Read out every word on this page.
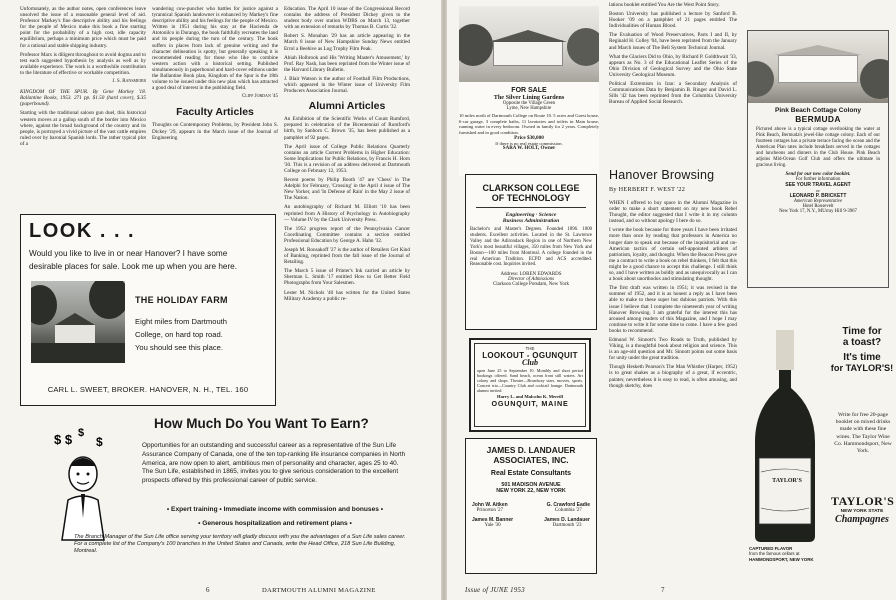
Unfortunately, as the author notes, open conferences leave unsolved the issue of a reasonable general level of aid. Professor Markey's fine descriptive ability and his feelings for the people of Mexico make this book a fine starting point for the probability of a high cost, idle capacity equilibrium, perhaps a minimum price which must be paid for a rational and stable shipping industry.

Professor Marx is diligent throughout to avoid dogma and to test each suggested hypothesis by analysis as well as by available experience. The work is a worthwhile contribution to the literature of effective or workable competition.

J. S. Ransmeier

KINGDOM OF THE SPUR. By Gene Markey '18. Ballantine Books, 1953. 271 pp. $1.50 (hard cover), $.35 (paperbound).

Starting with the traditional saloon gun duel, this historical western moves at a gallop south of the border into Mexico where, against the broad background of the country and its people, is portrayed a vivid picture of the vast cattle empires ruled over by baronial Spanish lords. The rather typical plot of a

wandering cow-puncher who battles for justice against a tyrannical Spanish landowner is enhanced by Markey's fine descriptive ability and his feelings for the people of Mexico. Written in 1951 during his stay at the Hacienda de Atotonilco in Durango, the book faithfully recreates the land and its people during the turn of the century. The book suffers in places from lack of genuine writing and the character delineation is spotty, but generally speaking it is recommended reading for those who like to combine western action with a historical setting. Published simultaneously in paperbound and hard-cover editions under the Ballantine Book plan, Kingdom of the Spur is the 18th volume to be issued under this new plan which has attracted a good deal of interest in the publishing field.

Cliff Jordan '45
Faculty Articles

Thoughts on Contemporary Problems, by President John S. Dickey '29, appears in the March issue of the Journal of Engineering

Education. The April 10 issue of the Congressional Record contains the address of President Dickey given to the student body over station WDBS on March 13, together with an extension of remarks by Thomas B. Curtis '32.

Robert S. Monahan '29 has an article appearing in the March 8 issue of New Hampshire Sunday News entitled Errol a Beehive as Log Trophy Film Peak.

Abiah Holbrook and His 'Writing Master's Amusement,' by Prof. Ray Nash, has been reprinted from the Winter issue of the Harvard Library Bulletin.

J. Blair Watson is the author of Football Film Productions, which appeared in the Winter issue of University Film Producers Association Journal.

Alumni Articles

An Exhibition of the Scientific Works of Count Rumford, prepared in celebration of the Bicentennial of Rumford's birth, by Sanborn C. Brown '35, has been published as a pamphlet of 92 pages.

The April issue of College Public Relations Quarterly contains an article Current Problems in Higher Education: Some Implications for Public Relations, by Francis H. Horn '30. This is a revision of an address delivered at Dartmouth College on February 12, 1953.

Recent poems by Philip Booth '47 are 'Chess' in The Adelphi for February, 'Crossing' in the April 4 issue of The New Yorker, and 'In Defense of Rain' in the May 2 issue of The Nation.

An autobiography of Richard M. Elliott '10 has been reprinted from A History of Psychology in Autobiography — Volume IV by the Clark University Press.

The 1952 progress report of the Pennsylvania Cancer Coordinating Committee contains a section entitled Professional Education by George A. Hahn '32.

Joseph M. Ronsakoff '27 is the author of Retailers Get Kind of Banking, reprinted from the fall issue of the Journal of Retailing.

The March 5 issue of Printer's Ink carried an article by Sherman L. Smith '17 entitled How to Get Better Field Photographs from Your Salesmen.

Lester M. Nichols '40 has written for the United States Military Academy a public re-

LOOK . . .
Would you like to live in or near Hanover? I have some
desirable places for sale. Look me up when you are here.
THE HOLIDAY FARM
Eight miles from Dartmouth
College, on hard top road.
You should see this place.
CARL L. SWEET, BROKER. HANOVER, N. H., TEL. 160
$ $ $
$
How Much Do You Want To Earn?
Opportunities for an outstanding and successful career as a representative of the Sun Life Assurance Company of Canada, one of the ten top-ranking life insurance companies in North America, are now open to alert, ambitious men of personality and character, ages 25 to 40. The Sun Life, established in 1865, invites you to give serious consideration to the excellent prospects offered by this professional career of public service.
• Expert training • Immediate income with commission and bonuses •
• Generous hospitalization and retirement plans •
The Branch Manager of the Sun Life office serving your territory will gladly discuss with you the advantages of a Sun Life sales career. For a complete list of the Company's 100 branches in the United States and Canada, write the Head Office, 218 Sun Life Building, Montreal.
6	DARTMOUTH ALUMNI MAGAZINE
FOR SALE
The Silver Lining Gardens
Opposite the Village Green
Lyme, New Hampshire
10 miles north of Dartmouth College on Route 10. 5 acres and Guest house, 6-car garage, 3 complete baths, 11 lavatories and toilets in Main house, running water in every bedroom. Owned in family for 2 years. Completely furnished and in good condition.
Price $30,000
If there is no real estate commission.
SARA W. HOLT, Owner
CLARKSON COLLEGE
OF TECHNOLOGY
Engineering · Science
Business Administration
Bachelor's and Master's Degrees. Founded 1896. 1000 students. Excellent activities. Located in the St. Lawrence Valley and the Adirondack Region in one of Northern New York's most beautiful villages, 350 miles from New York and Boston—100 miles from Montreal. A college founded in the real American Tradition. ECPD and ACS accredited. Reasonable cost. Inquiries invited.
Address: LOREN EDWARDS
Director of Admissions
Clarkson College Potsdam, New York
THE
LOOKOUT - OGUNQUIT
Club
open June 25 to September 10. Monthly and short period bookings offered. Sand beach, ocean front still waters. Art colony and shops. Theatre—Broadway stars, movies, sports. Concert trio—Country Club and cocktail lounge. Dartmouth alumni invited.
Harry L. and Malcolm K. Merrill
OGUNQUIT, MAINE
JAMES D. LANDAUER
ASSOCIATES, INC.
Real Estate Consultants
501 MADISON AVENUE
NEW YORK 22, NEW YORK
John W. Aitken
Princeton '27
G. Crawford Eadie
Columbia '27
James M. Banner
Yale '30
James D. Landauer
Dartmouth '23

lations booklet entitled You Are the West Point Story.

Boston University has published a lecture by Sanford B. Hooker '09 on a pamphlet of 21 pages entitled The Individualities of Human Blood.

The Evaluation of Wood Preservatives, Parts I and II, by Reginald H. Colley '04, have been reprinted from the January and March issues of The Bell System Technical Journal.

What the Glaciers Did to Ohio, by Richard P. Goldthwait '33, appears as No. 3 of the Educational Leaflet Series of the Ohio Division of Geological Survey and the Ohio State University Geological Museum.

Political Extremism in Iran: a Secondary Analysis of Communications Data by Benjamin B. Ringer and David L. Sills '42 has been reprinted from the Columbia University Bureau of Applied Social Research.

Hanover Browsing
By HERBERT F. WEST '22

WHEN I offered to buy space in the Alumni Magazine in order to make a short statement on my new book Rebel Thought, the editor suggested that I write it in my column instead, and so without apology I here do so.

I wrote the book because for three years I have been irritated more than once by reading that professors in America no longer dare to speak out because of the inquisitorial and un-American tactics of certain self-appointed arbiters of patriotism, loyalty, and thought. When the Beacon Press gave me a contract to write a book on rebel thinkers, I felt that this might be a good chance to accept this challenge. I still think so, and I have written as boldly and as unequivocally as I can a book about unorthodox and stimulating thought.

The first draft was written in 1951; it was revised in the summer of 1952, and it is as honest a reply as I have been able to make to these super but dubious patriots. With this issue I believe that I complete the nineteenth year of writing Hanover Browsing. I am grateful for the interest this has aroused among readers of this Magazine, and I hope I may continue to write it for some time to come. I have a few good books to recommend.

Edmund W. Sinnott's Two Roads to Truth, published by Viking, is a thoughtful book about religion and science. This is an age-old question and Mr. Sinnott points out some basis for unity under the great tradition.

Though Hesketh Pearson's The Man Whistler (Harper, 1952) is to great shakes as a biography of a great, if eccentric, painter, nevertheless it is easy to read, is often amusing, and though sketchy, does

Pink Beach Cottage Colony
BERMUDA
Pictured above is a typical cottage overlooking the water at Pink Beach, Bermuda's jewel-like cottage colony. Each of our fourteen cottages has a private terrace facing the ocean and the American Plan rates include breakfasts served in the cottages and luncheons and dinners in the Club House. Pink Beach adjoins Mid-Ocean Golf Club and offers the ultimate in gracious living.
Send for our new color booklet.
For further information
SEE YOUR TRAVEL AGENT
or
LEONARD P. BRICKETT
American Representative
Hotel Roosevelt
New York 17, N.Y., MUrray Hill 9-3967
TAYLOR'S
Time for
a toast?
It's time
for TAYLOR'S!
Write for free 20-page booklet on mixed drinks made with these fine wines. The Taylor Wine Co. Hammondsport, New York.
TAYLOR'S
NEW YORK STATE
Champagnes
CAPTURED FLAVOR
from the famous cellars at
HAMMONDSPORT, NEW YORK
Issue of JUNE 1953	7
